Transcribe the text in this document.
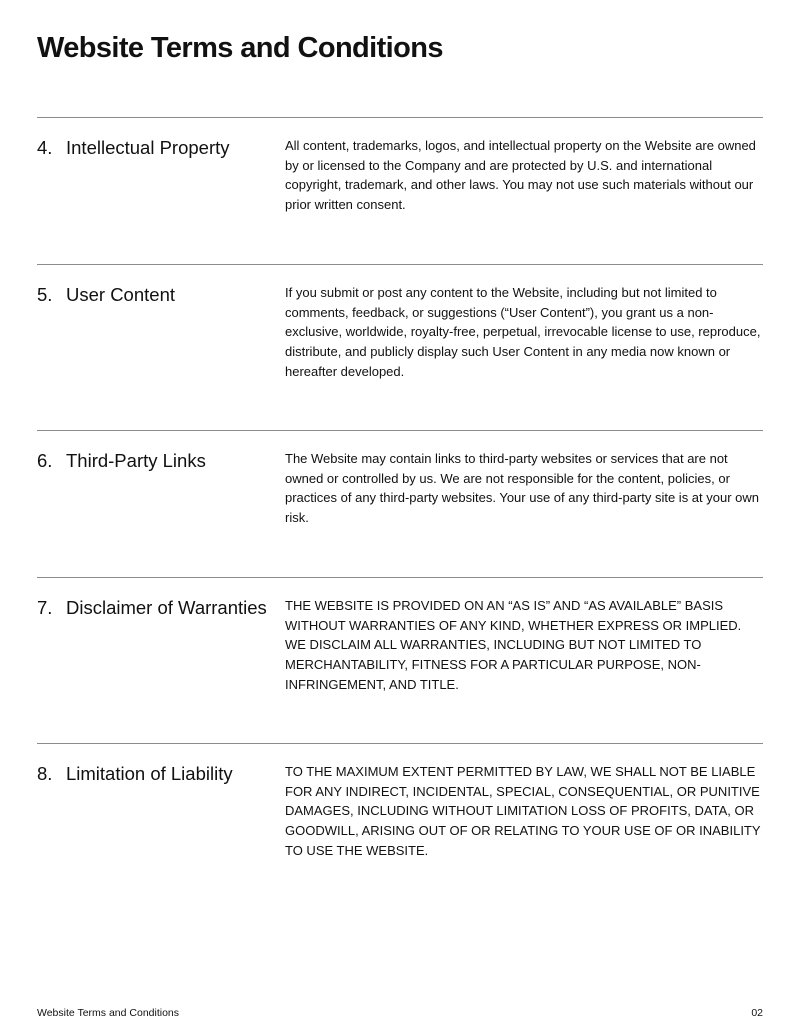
Website Terms and Conditions
4. Intellectual Property	All content, trademarks, logos, and intellectual property on the Website are owned by or licensed to the Company and are protected by U.S. and international copyright, trademark, and other laws. You may not use such materials without our prior written consent.

5. User Content	If you submit or post any content to the Website, including but not limited to comments, feedback, or suggestions (“User Content”), you grant us a non-exclusive, worldwide, royalty-free, perpetual, irrevocable license to use, reproduce, distribute, and publicly display such User Content in any media now known or hereafter developed.

6. Third-Party Links	The Website may contain links to third-party websites or services that are not owned or controlled by us. We are not responsible for the content, policies, or practices of any third-party websites. Your use of any third-party site is at your own risk.

7. Disclaimer of Warranties	THE WEBSITE IS PROVIDED ON AN “AS IS” AND “AS AVAILABLE” BASIS WITHOUT WARRANTIES OF ANY KIND, WHETHER EXPRESS OR IMPLIED. WE DISCLAIM ALL WARRANTIES, INCLUDING BUT NOT LIMITED TO MERCHANTABILITY, FITNESS FOR A PARTICULAR PURPOSE, NON-INFRINGEMENT, AND TITLE.

8. Limitation of Liability	TO THE MAXIMUM EXTENT PERMITTED BY LAW, WE SHALL NOT BE LIABLE FOR ANY INDIRECT, INCIDENTAL, SPECIAL, CONSEQUENTIAL, OR PUNITIVE DAMAGES, INCLUDING WITHOUT LIMITATION LOSS OF PROFITS, DATA, OR GOODWILL, ARISING OUT OF OR RELATING TO YOUR USE OF OR INABILITY TO USE THE WEBSITE.

Website Terms and Conditions	02
